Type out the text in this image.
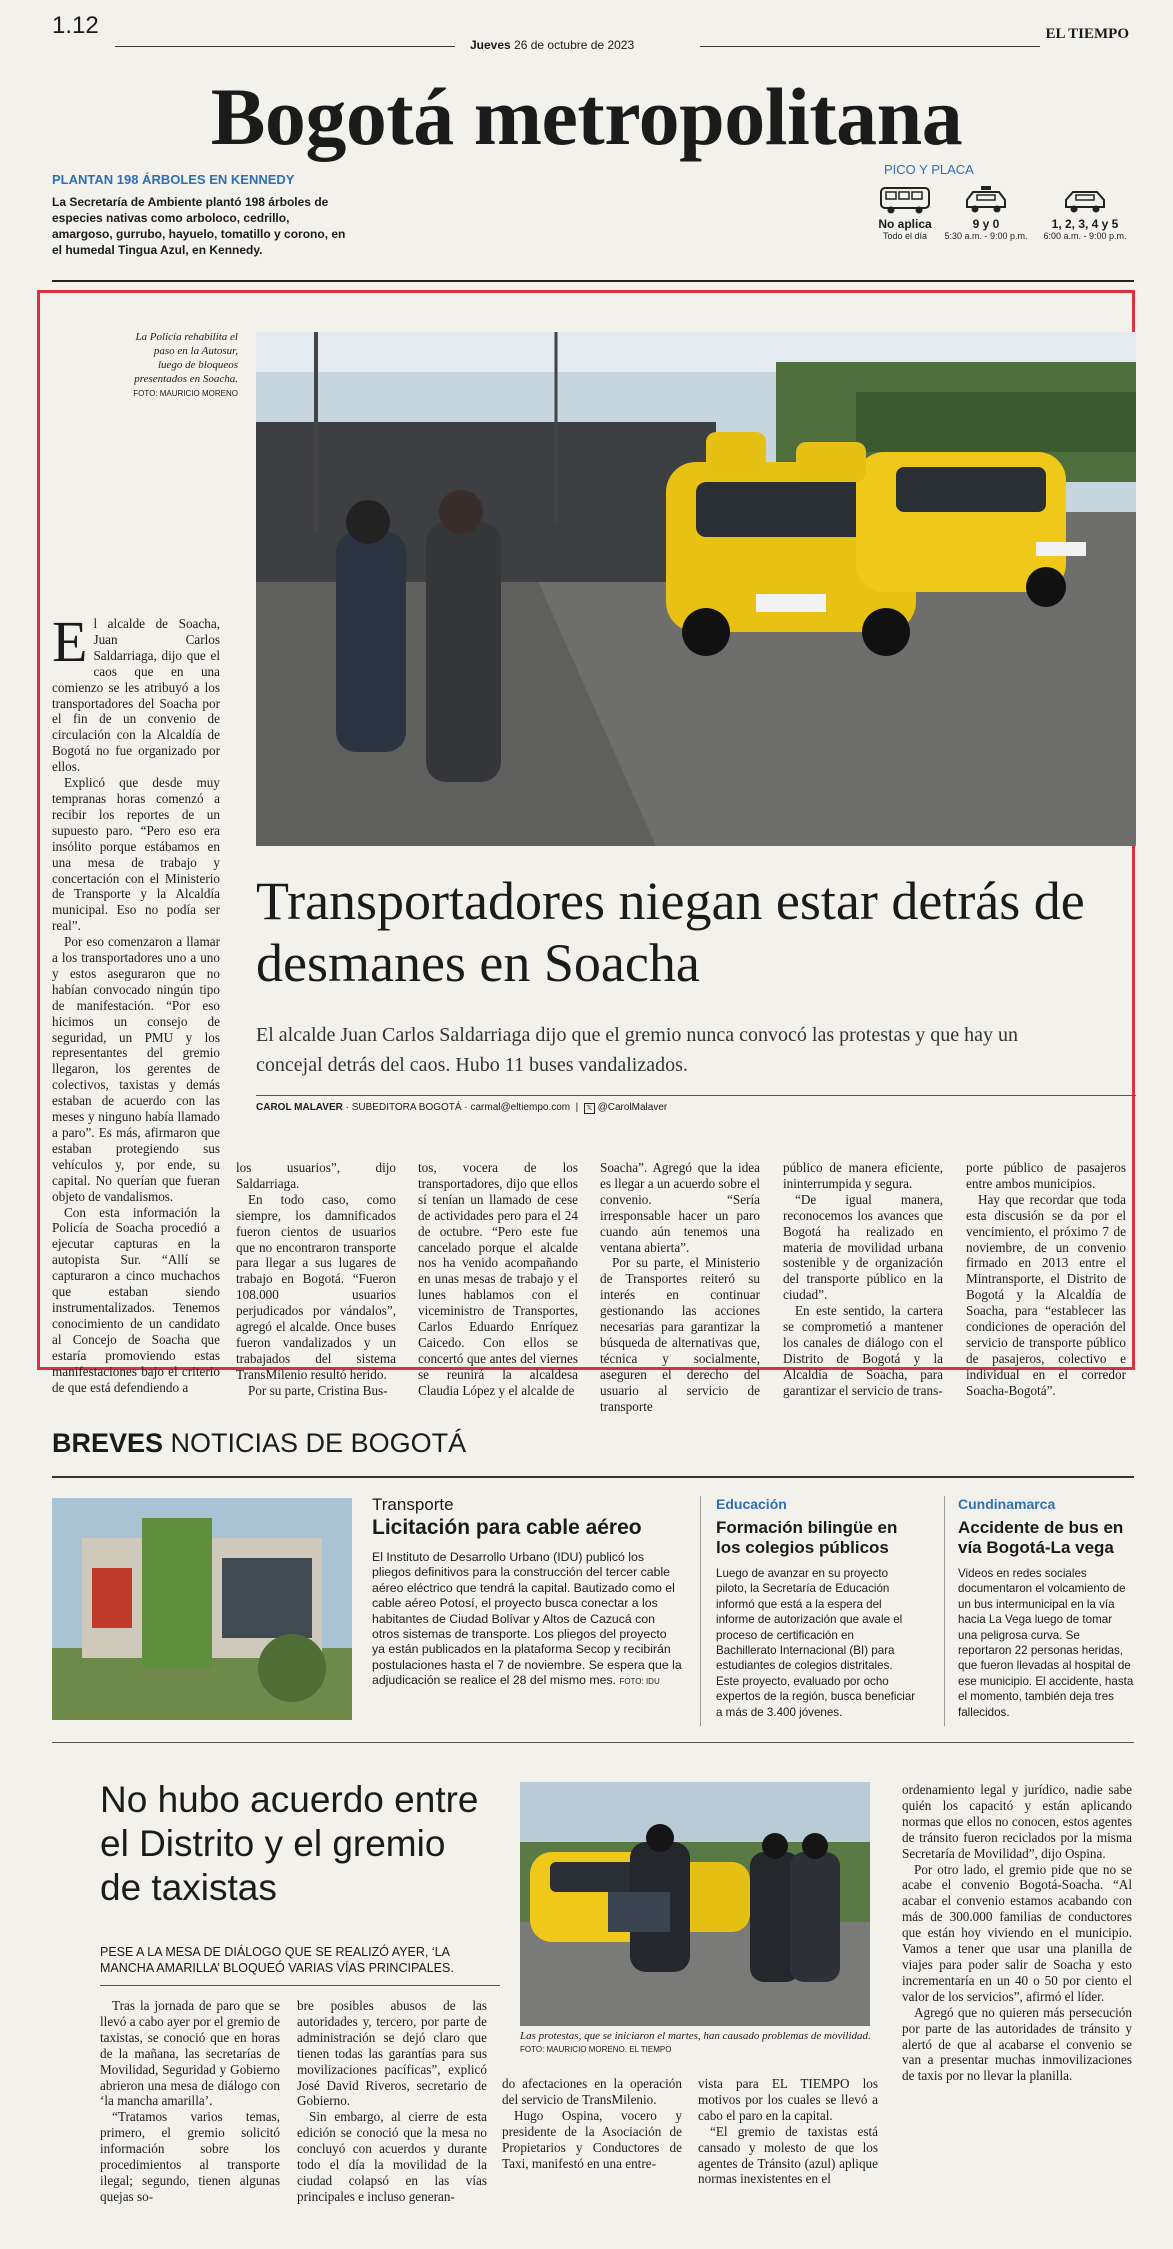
1.12
Jueves 26 de octubre de 2023
EL TIEMPO
Bogotá metropolitana
PLANTAN 198 ÁRBOLES EN KENNEDY
La Secretaría de Ambiente plantó 198 árboles de especies nativas como arboloco, cedrillo, amargoso, gurrubo, hayuelo, tomatillo y corono, en el humedal Tingua Azul, en Kennedy.
PICO Y PLACA
No aplica
Todo el día
9 y 0
5:30 a.m. - 9:00 p.m.
1, 2, 3, 4 y 5
6:00 a.m. - 9:00 p.m.
La Policía rehabilita el paso en la Autosur, luego de bloqueos presentados en Soacha. FOTO: MAURICIO MORENO
Transportadores niegan estar detrás de desmanes en Soacha
El alcalde Juan Carlos Saldarriaga dijo que el gremio nunca convocó las protestas y que hay un concejal detrás del caos. Hubo 11 buses vandalizados.
CAROL MALAVER · SUBEDITORA BOGOTÁ · carmal@eltiempo.com  |  𝕏 @CarolMalaver

El alcalde de Soacha, Juan Carlos Saldarriaga, dijo que el caos que en una comienzo se les atribuyó a los transportadores del Soacha por el fin de un convenio de circulación con la Alcaldía de Bogotá no fue organizado por ellos.

Explicó que desde muy tempranas horas comenzó a recibir los reportes de un supuesto paro. “Pero eso era insólito porque estábamos en una mesa de trabajo y concertación con el Ministerio de Transporte y la Alcaldía municipal. Eso no podía ser real”.

Por eso comenzaron a llamar a los transportadores uno a uno y estos aseguraron que no habían convocado ningún tipo de manifestación. “Por eso hicimos un consejo de seguridad, un PMU y los representantes del gremio llegaron, los gerentes de colectivos, taxistas y demás estaban de acuerdo con las meses y ninguno había llamado a paro”. Es más, afirmaron que estaban protegiendo sus vehículos y, por ende, su capital. No querían que fueran objeto de vandalismos.

Con esta información la Policía de Soacha procedió a ejecutar capturas en la autopista Sur. “Allí se capturaron a cinco muchachos que estaban siendo instrumentalizados. Tenemos conocimiento de un candidato al Concejo de Soacha que estaría promoviendo estas manifestaciones bajo el criterio de que está defendiendo a

los usuarios”, dijo Saldarriaga.

En todo caso, como siempre, los damnificados fueron cientos de usuarios que no encontraron transporte para llegar a sus lugares de trabajo en Bogotá. “Fueron 108.000 usuarios perjudicados por vándalos”, agregó el alcalde. Once buses fueron vandalizados y un trabajados del sistema TransMilenio resultó herido.

Por su parte, Cristina Bus-

tos, vocera de los transportadores, dijo que ellos sí tenían un llamado de cese de actividades pero para el 24 de octubre. “Pero este fue cancelado porque el alcalde nos ha venido acompañando en unas mesas de trabajo y el lunes hablamos con el viceministro de Transportes, Carlos Eduardo Enríquez Caicedo. Con ellos se concertó que antes del viernes se reunirá la alcaldesa Claudia López y el alcalde de

Soacha”. Agregó que la idea es llegar a un acuerdo sobre el convenio. “Sería irresponsable hacer un paro cuando aún tenemos una ventana abierta”.

Por su parte, el Ministerio de Transportes reiteró su interés en continuar gestionando las acciones necesarias para garantizar la búsqueda de alternativas que, técnica y socialmente, aseguren el derecho del usuario al servicio de transporte

público de manera eficiente, ininterrumpida y segura.

“De igual manera, reconocemos los avances que Bogotá ha realizado en materia de movilidad urbana sostenible y de organización del transporte público en la ciudad”.

En este sentido, la cartera se comprometió a mantener los canales de diálogo con el Distrito de Bogotá y la Alcaldía de Soacha, para garantizar el servicio de trans-

porte público de pasajeros entre ambos municipios.

Hay que recordar que toda esta discusión se da por el vencimiento, el próximo 7 de noviembre, de un convenio firmado en 2013 entre el Mintransporte, el Distrito de Bogotá y la Alcaldía de Soacha, para “establecer las condiciones de operación del servicio de transporte público de pasajeros, colectivo e individual en el corredor Soacha-Bogotá”.

BREVES NOTICIAS DE BOGOTÁ
Transporte
Licitación para cable aéreo
El Instituto de Desarrollo Urbano (IDU) publicó los pliegos definitivos para la construcción del tercer cable aéreo eléctrico que tendrá la capital. Bautizado como el cable aéreo Potosí, el proyecto busca conectar a los habitantes de Ciudad Bolívar y Altos de Cazucá con otros sistemas de transporte. Los pliegos del proyecto ya están publicados en la plataforma Secop y recibirán postulaciones hasta el 7 de noviembre. Se espera que la adjudicación se realice el 28 del mismo mes. FOTO: IDU
Educación
Formación bilingüe en los colegios públicos
Luego de avanzar en su proyecto piloto, la Secretaría de Educación informó que está a la espera del informe de autorización que avale el proceso de certificación en Bachillerato Internacional (BI) para estudiantes de colegios distritales. Este proyecto, evaluado por ocho expertos de la región, busca beneficiar a más de 3.400 jóvenes.
Cundinamarca
Accidente de bus en vía Bogotá-La vega
Videos en redes sociales documentaron el volcamiento de un bus intermunicipal en la vía hacia La Vega luego de tomar una peligrosa curva. Se reportaron 22 personas heridas, que fueron llevadas al hospital de ese municipio. El accidente, hasta el momento, también deja tres fallecidos.
No hubo acuerdo entre el Distrito y el gremio de taxistas
PESE A LA MESA DE DIÁLOGO QUE SE REALIZÓ AYER, ‘LA MANCHA AMARILLA’ BLOQUEÓ VARIAS VÍAS PRINCIPALES.
Las protestas, que se iniciaron el martes, han causado problemas de movilidad. FOTO: MAURICIO MORENO. EL TIEMPO

Tras la jornada de paro que se llevó a cabo ayer por el gremio de taxistas, se conoció que en horas de la mañana, las secretarías de Movilidad, Seguridad y Gobierno abrieron una mesa de diálogo con ‘la mancha amarilla’.

“Tratamos varios temas, primero, el gremio solicitó información sobre los procedimientos al transporte ilegal; segundo, tienen algunas quejas so-

bre posibles abusos de las autoridades y, tercero, por parte de administración se dejó claro que tienen todas las garantías para sus movilizaciones pacíficas”, explicó José David Riveros, secretario de Gobierno.

Sin embargo, al cierre de esta edición se conoció que la mesa no concluyó con acuerdos y durante todo el día la movilidad de la ciudad colapsó en las vías principales e incluso generan-

do afectaciones en la operación del servicio de TransMilenio.

Hugo Ospina, vocero y presidente de la Asociación de Propietarios y Conductores de Taxi, manifestó en una entre-

vista para EL TIEMPO los motivos por los cuales se llevó a cabo el paro en la capital.

“El gremio de taxistas está cansado y molesto de que los agentes de Tránsito (azul) aplique normas inexistentes en el

ordenamiento legal y jurídico, nadie sabe quién los capacitó y están aplicando normas que ellos no conocen, estos agentes de tránsito fueron reciclados por la misma Secretaría de Movilidad”, dijo Ospina.

Por otro lado, el gremio pide que no se acabe el convenio Bogotá-Soacha. “Al acabar el convenio estamos acabando con más de 300.000 familias de conductores que están hoy viviendo en el municipio. Vamos a tener que usar una planilla de viajes para poder salir de Soacha y esto incrementaría en un 40 o 50 por ciento el valor de los servicios”, afirmó el líder.

Agregó que no quieren más persecución por parte de las autoridades de tránsito y alertó de que al acabarse el convenio se van a presentar muchas inmovilizaciones de taxis por no llevar la planilla.
